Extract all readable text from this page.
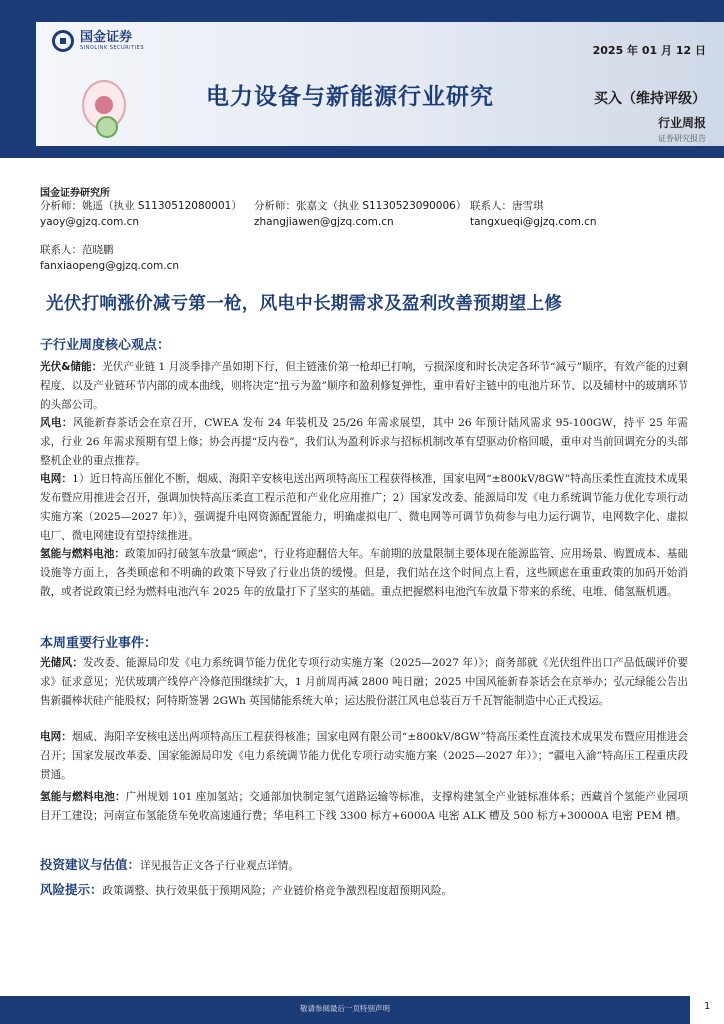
国金证券
SINOLINK SECURITIES	2025 年 01 月 12 日
电力设备与新能源行业研究	买入（维持评级）
行业周报
证券研究报告
国金证券研究所
分析师：姚遥（执业 S1130512080001）
yaoy@gjzq.com.cn
分析师：张嘉文（执业 S1130523090006）
zhangjiawen@gjzq.com.cn
联系人：唐雪琪
tangxueqi@gjzq.com.cn
联系人：范晓鹏
fanxiaopeng@gjzq.com.cn
光伏打响涨价减亏第一枪，风电中长期需求及盈利改善预期望上修
子行业周度核心观点：
光伏&储能：光伏产业链 1 月淡季排产虽如期下行，但主链涨价第一枪却已打响，亏损深度和时长决定各环节“减亏”顺序，有效产能的过剩程度、以及产业链环节内部的成本曲线，则将决定“扭亏为盈”顺序和盈利修复弹性，重申看好主链中的电池片环节、以及辅材中的玻璃环节的头部公司。
风电：风能新春茶话会在京召开，CWEA 发布 24 年装机及 25/26 年需求展望，其中 26 年预计陆风需求 95-100GW，持平 25 年需求，行业 26 年需求预期有望上修；协会再提“反内卷”，我们认为盈利诉求与招标机制改革有望驱动价格回暖，重申对当前回调充分的头部整机企业的重点推荐。
电网：1）近日特高压催化不断，烟威、海阳辛安核电送出两项特高压工程获得核准，国家电网“±800kV/8GW”特高压柔性直流技术成果发布暨应用推进会召开，强调加快特高压柔直工程示范和产业化应用推广；2）国家发改委、能源局印发《电力系统调节能力优化专项行动实施方案（2025—2027 年）》，强调提升电网资源配置能力，明确虚拟电厂、微电网等可调节负荷参与电力运行调节，电网数字化、虚拟电厂、微电网建设有望持续推进。
氢能与燃料电池：政策加码打破氢车放量“顾虑”，行业将迎翻倍大年。车前期的放量限制主要体现在能源监管、应用场景、购置成本、基础设施等方面上，各类顾虑和不明确的政策下导致了行业出货的缓慢。但是，我们站在这个时间点上看，这些顾虑在重重政策的加码开始消散，或者说政策已经为燃料电池汽车 2025 年的放量打下了坚实的基础。重点把握燃料电池汽车放量下带来的系统、电堆、储氢瓶机遇。
本周重要行业事件：
光储风：发改委、能源局印发《电力系统调节能力优化专项行动实施方案（2025—2027 年）》；商务部就《光伏组件出口产品低碳评价要求》征求意见；光伏玻璃产线停产冷修范围继续扩大，1 月前周再减 2800 吨日融；2025 中国风能新春茶话会在京举办；弘元绿能公告出售新疆棒状硅产能股权；阿特斯签署 2GWh 英国储能系统大单；运达股份湛江风电总装百万千瓦智能制造中心正式投运。
电网：烟威、海阳辛安核电送出两项特高压工程获得核准；国家电网有限公司“±800kV/8GW”特高压柔性直流技术成果发布暨应用推进会召开；国家发展改革委、国家能源局印发《电力系统调节能力优化专项行动实施方案（2025—2027 年）》；“疆电入渝”特高压工程重庆段贯通。
氢能与燃料电池：广州规划 101 座加氢站；交通部加快制定氢气道路运输等标准，支撑构建氢全产业链标准体系；西藏首个氢能产业园项目开工建设；河南宣布氢能货车免收高速通行费；华电科工下线 3300 标方+6000A 电密 ALK 槽及 500 标方+30000A 电密 PEM 槽。
投资建议与估值：详见报告正文各子行业观点详情。
风险提示：政策调整、执行效果低于预期风险；产业链价格竞争激烈程度超预期风险。
敬请参阅最后一页特别声明	1
